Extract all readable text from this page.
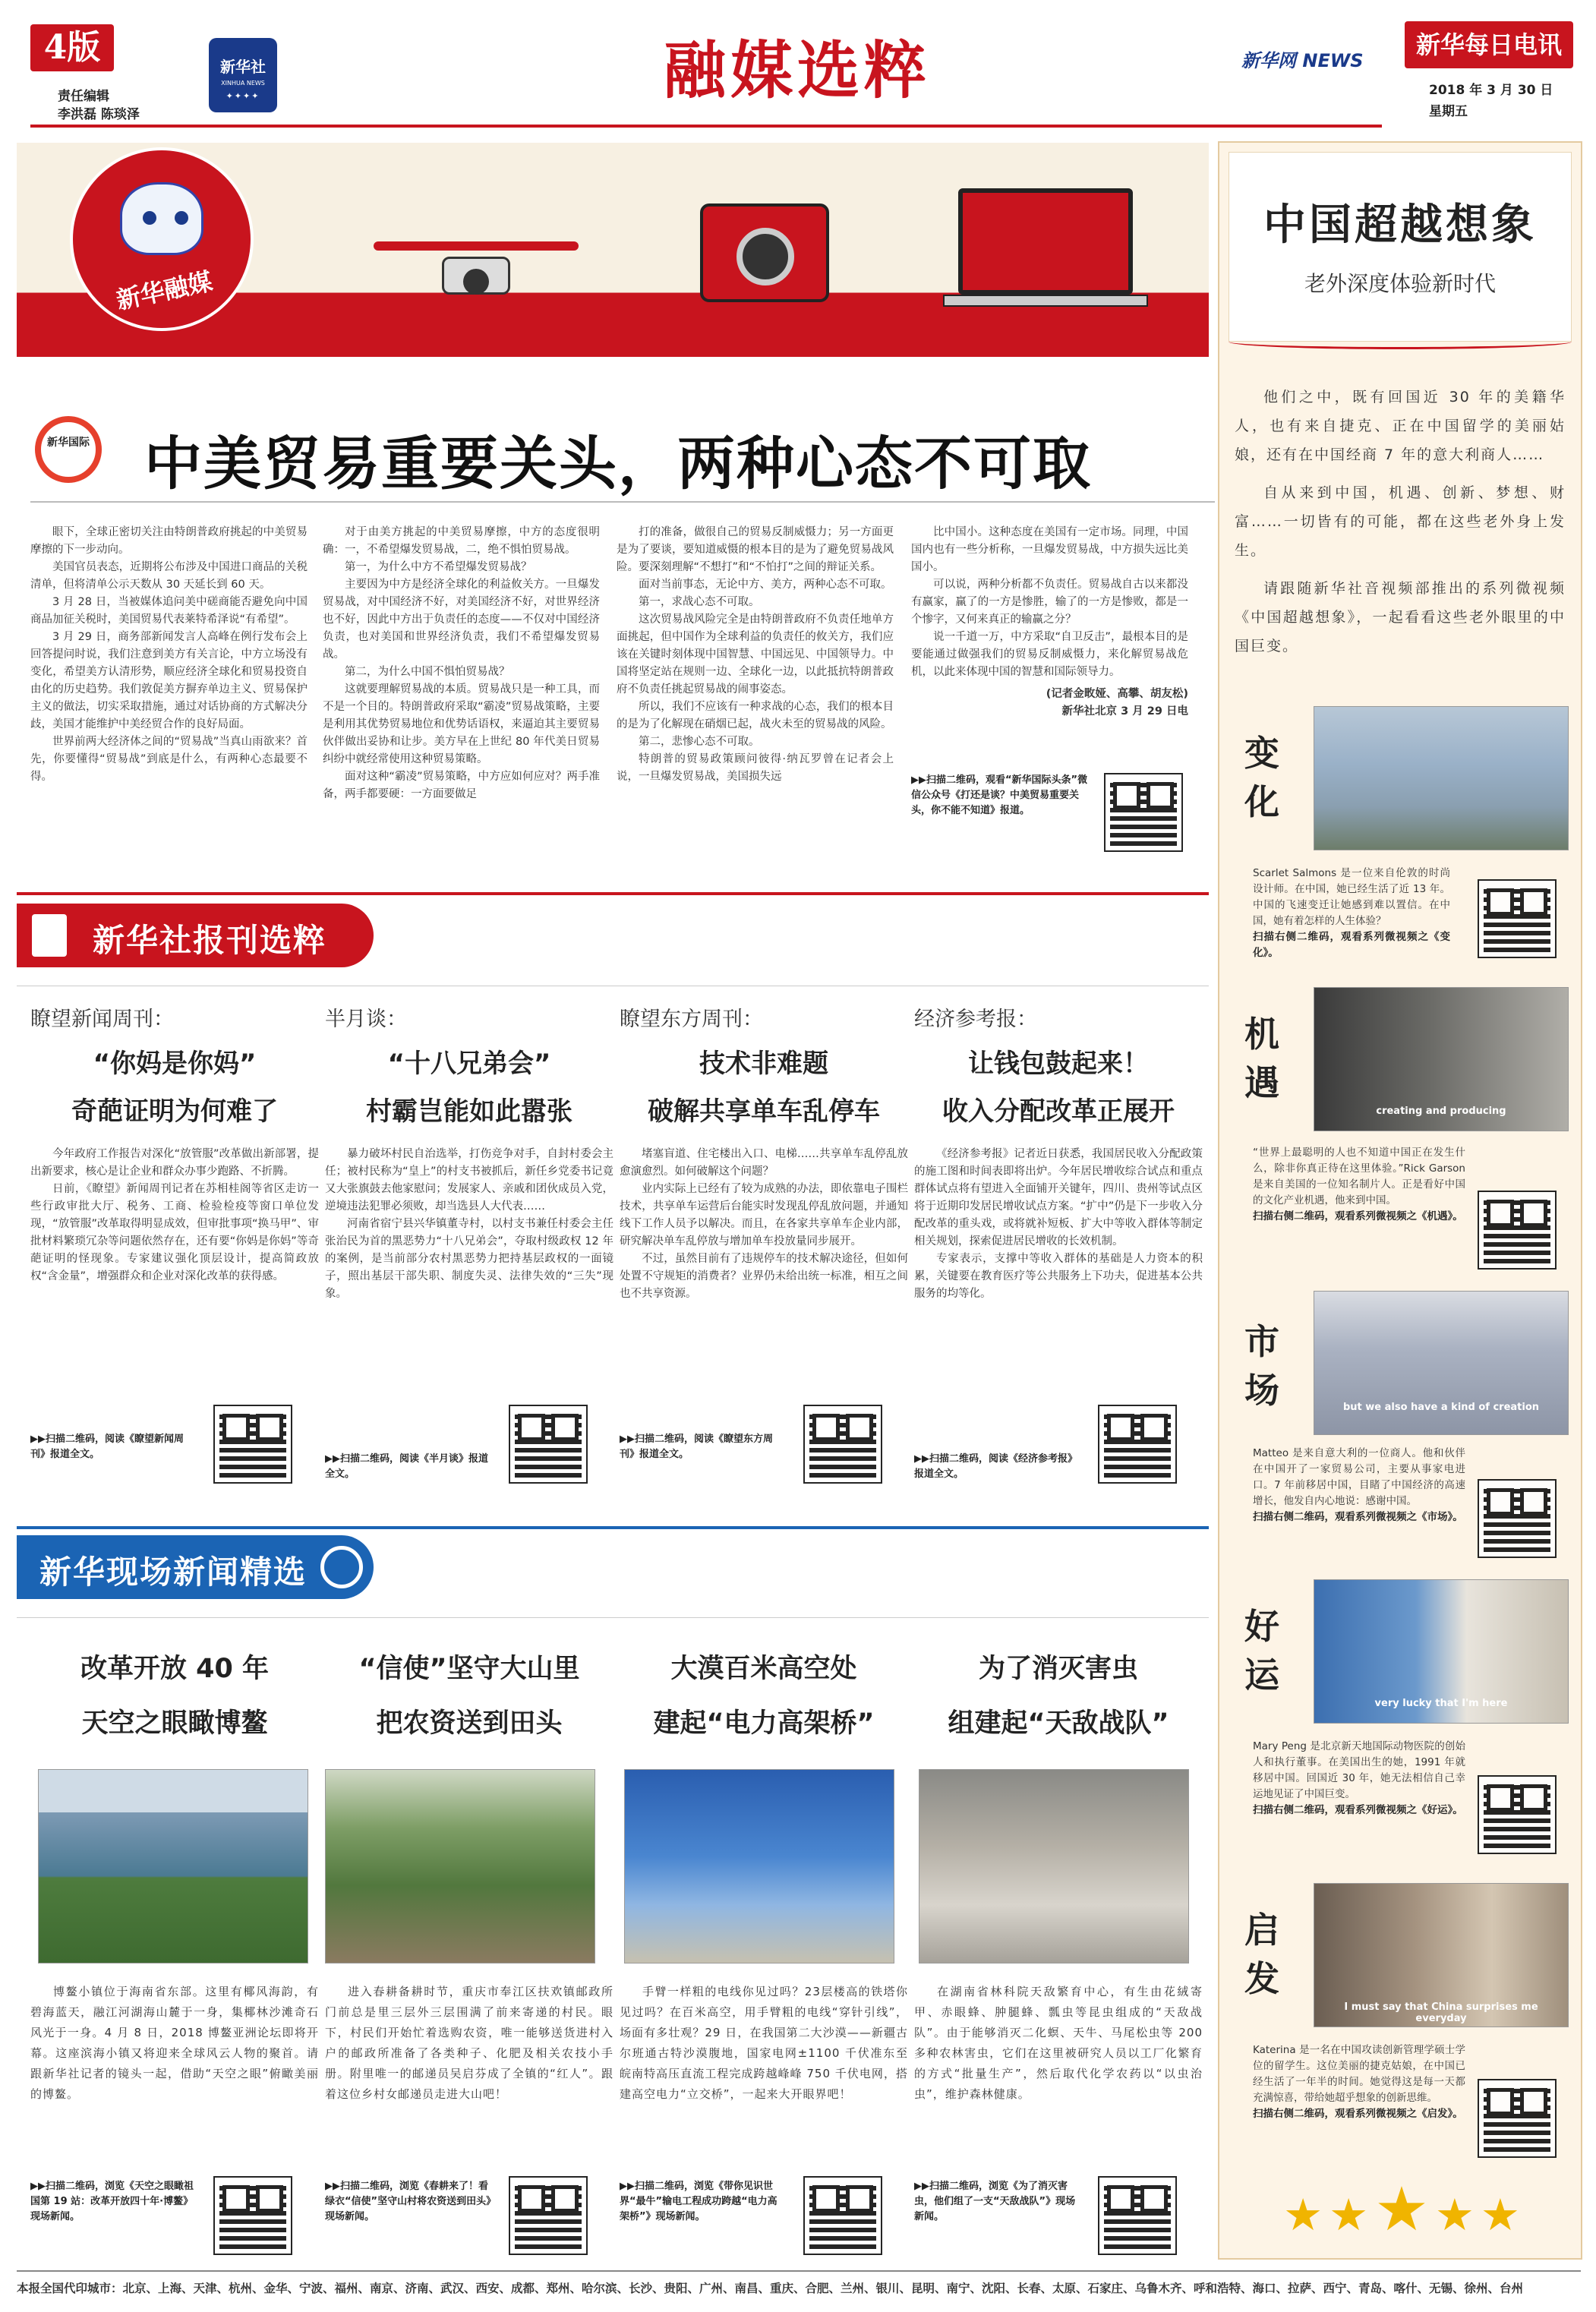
4版
责任编辑
李洪磊 陈琰泽
新华社
XINHUA NEWS
✦✦✦✦	融媒选粹	新华网 NEWS
新华每日电讯
2018 年 3 月 30 日
星期五
新华融媒
新华国际 中美贸易重要关头，两种心态不可取

眼下，全球正密切关注由特朗普政府挑起的中美贸易摩擦的下一步动向。

美国官员表态，近期将公布涉及中国进口商品的关税清单，但将清单公示天数从 30 天延长到 60 天。

3 月 28 日，当被媒体追问美中磋商能否避免向中国商品加征关税时，美国贸易代表莱特希泽说“有希望”。

3 月 29 日，商务部新闻发言人高峰在例行发布会上回答提问时说，我们注意到美方有关言论，中方立场没有变化，希望美方认清形势，顺应经济全球化和贸易投资自由化的历史趋势。我们敦促美方摒弃单边主义、贸易保护主义的做法，切实采取措施，通过对话协商的方式解决分歧，美国才能维护中美经贸合作的良好局面。

世界前两大经济体之间的“贸易战”当真山雨欲来？首先，你要懂得“贸易战”到底是什么，有两种心态最要不得。

对于由美方挑起的中美贸易摩擦，中方的态度很明确：一，不希望爆发贸易战，二，绝不惧怕贸易战。

第一，为什么中方不希望爆发贸易战？

主要因为中方是经济全球化的利益攸关方。一旦爆发贸易战，对中国经济不好，对美国经济不好，对世界经济也不好，因此中方出于负责任的态度——不仅对中国经济负责，也对美国和世界经济负责，我们不希望爆发贸易战。

第二，为什么中国不惧怕贸易战？

这就要理解贸易战的本质。贸易战只是一种工具，而不是一个目的。特朗普政府采取“霸凌”贸易战策略，主要是利用其优势贸易地位和优势话语权，来逼迫其主要贸易伙伴做出妥协和让步。美方早在上世纪 80 年代美日贸易纠纷中就经常使用这种贸易策略。

面对这种“霸凌”贸易策略，中方应如何应对？两手准备，两手都要硬：一方面要做足

打的准备，做很自己的贸易反制威慑力；另一方面更是为了要谈，要知道威慑的根本目的是为了避免贸易战风险。要深刻理解“不想打”和“不怕打”之间的辩证关系。

面对当前事态，无论中方、美方，两种心态不可取。

第一，求战心态不可取。

这次贸易战风险完全是由特朗普政府不负责任地单方面挑起，但中国作为全球利益的负责任的攸关方，我们应该在关键时刻体现中国智慧、中国远见、中国领导力。中国将坚定站在规则一边、全球化一边，以此抵抗特朗普政府不负责任挑起贸易战的闹事姿态。

所以，我们不应该有一种求战的心态，我们的根本目的是为了化解现在硝烟已起，战火未至的贸易战的风险。

第二，悲惨心态不可取。

特朗普的贸易政策顾问彼得·纳瓦罗曾在记者会上说，一旦爆发贸易战，美国损失远

比中国小。这种态度在美国有一定市场。同理，中国国内也有一些分析称，一旦爆发贸易战，中方损失远比美国小。

可以说，两种分析都不负责任。贸易战自古以来都没有赢家，赢了的一方是惨胜，输了的一方是惨败，都是一个惨字，又何来真正的输赢之分？

说一千道一万，中方采取“自卫反击”，最根本目的是要能通过做强我们的贸易反制威慑力，来化解贸易战危机，以此来体现中国的智慧和国际领导力。

(记者金畋娅、高攀、胡友松)
新华社北京 3 月 29 日电
▶▶扫描二维码，观看“新华国际头条”微信公众号《打还是谈？中美贸易重要关头，你不能不知道》报道。
新华社报刊选粹
瞭望新闻周刊：
“你妈是你妈”
奇葩证明为何难了

今年政府工作报告对深化“放管服”改革做出新部署，提出新要求，核心是让企业和群众办事少跑路、不折腾。

日前，《瞭望》新闻周刊记者在苏相桂阁等省区走访一些行政审批大厅、税务、工商、检验检疫等窗口单位发现，“放管服”改革取得明显成效，但审批事项“换马甲”、审批材料繁琐冗杂等问题依然存在，还有要“你妈是你妈”等奇葩证明的怪现象。专家建议强化顶层设计，提高简政放权“含金量”，增强群众和企业对深化改革的获得感。

▶▶扫描二维码，阅读《瞭望新闻周刊》报道全文。
半月谈：
“十八兄弟会”
村霸岂能如此嚣张

暴力破坏村民自治选举，打伤竞争对手，自封村委会主任；被村民称为“皇上”的村支书被抓后，新任乡党委书记竟又大张旗鼓去他家慰问；发展家人、亲戚和团伙成员入党，逆境违法犯罪必须败，却当选县人大代表……

河南省宿宁县兴华镇董寺村，以村支书兼任村委会主任张治民为首的黑恶势力“十八兄弟会”，夺取村级政权 12 年的案例，是当前部分农村黑恶势力把持基层政权的一面镜子，照出基层干部失职、制度失灵、法律失效的“三失”现象。

▶▶扫描二维码，阅读《半月谈》报道全文。
瞭望东方周刊：
技术非难题
破解共享单车乱停车

堵塞盲道、住宅楼出入口、电梯……共享单车乱停乱放愈演愈烈。如何破解这个问题？

业内实际上已经有了较为成熟的办法，即依靠电子围栏技术，共享单车运营后台能实时发现乱停乱放问题，并通知线下工作人员予以解决。而且，在各家共享单车企业内部，研究解决单车乱停放与增加单车投放量同步展开。

不过，虽然目前有了违规停车的技术解决途径，但如何处置不守规矩的消费者？业界仍未给出统一标准，相互之间也不共享资源。

▶▶扫描二维码，阅读《瞭望东方周刊》报道全文。
经济参考报：
让钱包鼓起来！
收入分配改革正展开

《经济参考报》记者近日获悉，我国居民收入分配政策的施工图和时间表即将出炉。今年居民增收综合试点和重点群体试点将有望进入全面铺开关键年，四川、贵州等试点区将于近期印发居民增收试点方案。“扩中”仍是下一步收入分配改革的重头戏，或将就补短板、扩大中等收入群体等制定相关规划，探索促进居民增收的长效机制。

专家表示，支撑中等收入群体的基础是人力资本的积累，关键要在教育医疗等公共服务上下功夫，促进基本公共服务的均等化。

▶▶扫描二维码，阅读《经济参考报》报道全文。
新华现场新闻精选
改革开放 40 年
天空之眼瞰博鳌
博鳌小镇位于海南省东部。这里有椰风海韵，有碧海蓝天，融江河湖海山麓于一身，集椰林沙滩奇石风光于一身。4 月 8 日，2018 博鳌亚洲论坛即将开幕。这座滨海小镇又将迎来全球风云人物的聚首。请跟新华社记者的镜头一起，借助“天空之眼”俯瞰美丽的博鳌。
▶▶扫描二维码，浏览《天空之眼瞰祖国第 19 站：改革开放四十年·博鳌》现场新闻。
“信使”坚守大山里
把农资送到田头
进入春耕备耕时节，重庆市奉江区扶欢镇邮政所门前总是里三层外三层围满了前来寄递的村民。眼下，村民们开始忙着选购农资，唯一能够送货进村入户的邮政所准备了各类种子、化肥及相关农技小手册。附里唯一的邮递员吴启芬成了全镇的“红人”。跟着这位乡村女邮递员走进大山吧！
▶▶扫描二维码，浏览《春耕来了！看绿衣“信使”坚守山村将农资送到田头》现场新闻。
大漠百米高空处
建起“电力高架桥”
手臂一样粗的电线你见过吗？23层楼高的铁塔你见过吗？在百米高空，用手臂粗的电线“穿针引线”，场面有多壮观？29 日，在我国第二大沙漠——新疆古尔班通古特沙漠腹地，国家电网±1100 千伏准东至皖南特高压直流工程完成跨越峰峰 750 千伏电网，搭建高空电力“立交桥”，一起来大开眼界吧！
▶▶扫描二维码，浏览《带你见识世界“最牛”输电工程成功跨越“电力高架桥”》现场新闻。
为了消灭害虫
组建起“天敌战队”
在湖南省林科院天敌繁育中心，有生由花絨寄甲、赤眼蜂、肿腿蜂、瓢虫等昆虫组成的“天敌战队”。由于能够消灭二化螟、天牛、马尾松虫等 200 多种农林害虫，它们在这里被研究人员以工厂化繁育的方式“批量生产”，然后取代化学农药以“以虫治虫”，维护森林健康。
▶▶扫描二维码，浏览《为了消灭害虫，他们组了一支“天敌战队”》现场新闻。
中国超越想象
老外深度体验新时代

他们之中，既有回国近 30 年的美籍华人，也有来自捷克、正在中国留学的美丽姑娘，还有在中国经商 7 年的意大利商人……

自从来到中国，机遇、创新、梦想、财富……一切皆有的可能，都在这些老外身上发生。

请跟随新华社音视频部推出的系列微视频《中国超越想象》，一起看看这些老外眼里的中国巨变。

变
化
Scarlet Salmons 是一位来自伦敦的时尚设计师。在中国，她已经生活了近 13 年。中国的飞速变迁让她感到难以置信。在中国，她有着怎样的人生体验？
扫描右侧二维码，观看系列微视频之《变化》。
机
遇
creating and producing
“世界上最聪明的人也不知道中国正在发生什么，除非你真正待在这里体验。”Rick Garson 是来自美国的一位知名制片人。正是看好中国的文化产业机遇，他来到中国。
扫描右侧二维码，观看系列微视频之《机遇》。
市
场	but we also have a kind of creation
Matteo 是来自意大利的一位商人。他和伙伴在中国开了一家贸易公司，主要从事家电进口。7 年前移居中国，目睹了中国经济的高速增长，他发自内心地说：感谢中国。
扫描右侧二维码，观看系列微视频之《市场》。
好
运
very lucky that I'm here
Mary Peng 是北京新天地国际动物医院的创始人和执行董事。在美国出生的她，1991 年就移居中国。回国近 30 年，她无法相信自己幸运地见证了中国巨变。
扫描右侧二维码，观看系列微视频之《好运》。
启
发
I must say that China surprises me everyday
Katerina 是一名在中国攻读创新管理学硕士学位的留学生。这位美丽的捷克姑娘，在中国已经生活了一年半的时间。她觉得这是每一天都充满惊喜，带给她超乎想象的创新思维。
扫描右侧二维码，观看系列微视频之《启发》。
★★★★★
本报全国代印城市：北京、上海、天津、杭州、金华、宁波、福州、南京、济南、武汉、西安、成都、郑州、哈尔滨、长沙、贵阳、广州、南昌、重庆、合肥、兰州、银川、昆明、南宁、沈阳、长春、太原、石家庄、乌鲁木齐、呼和浩特、海口、拉萨、西宁、青岛、喀什、无锡、徐州、台州
